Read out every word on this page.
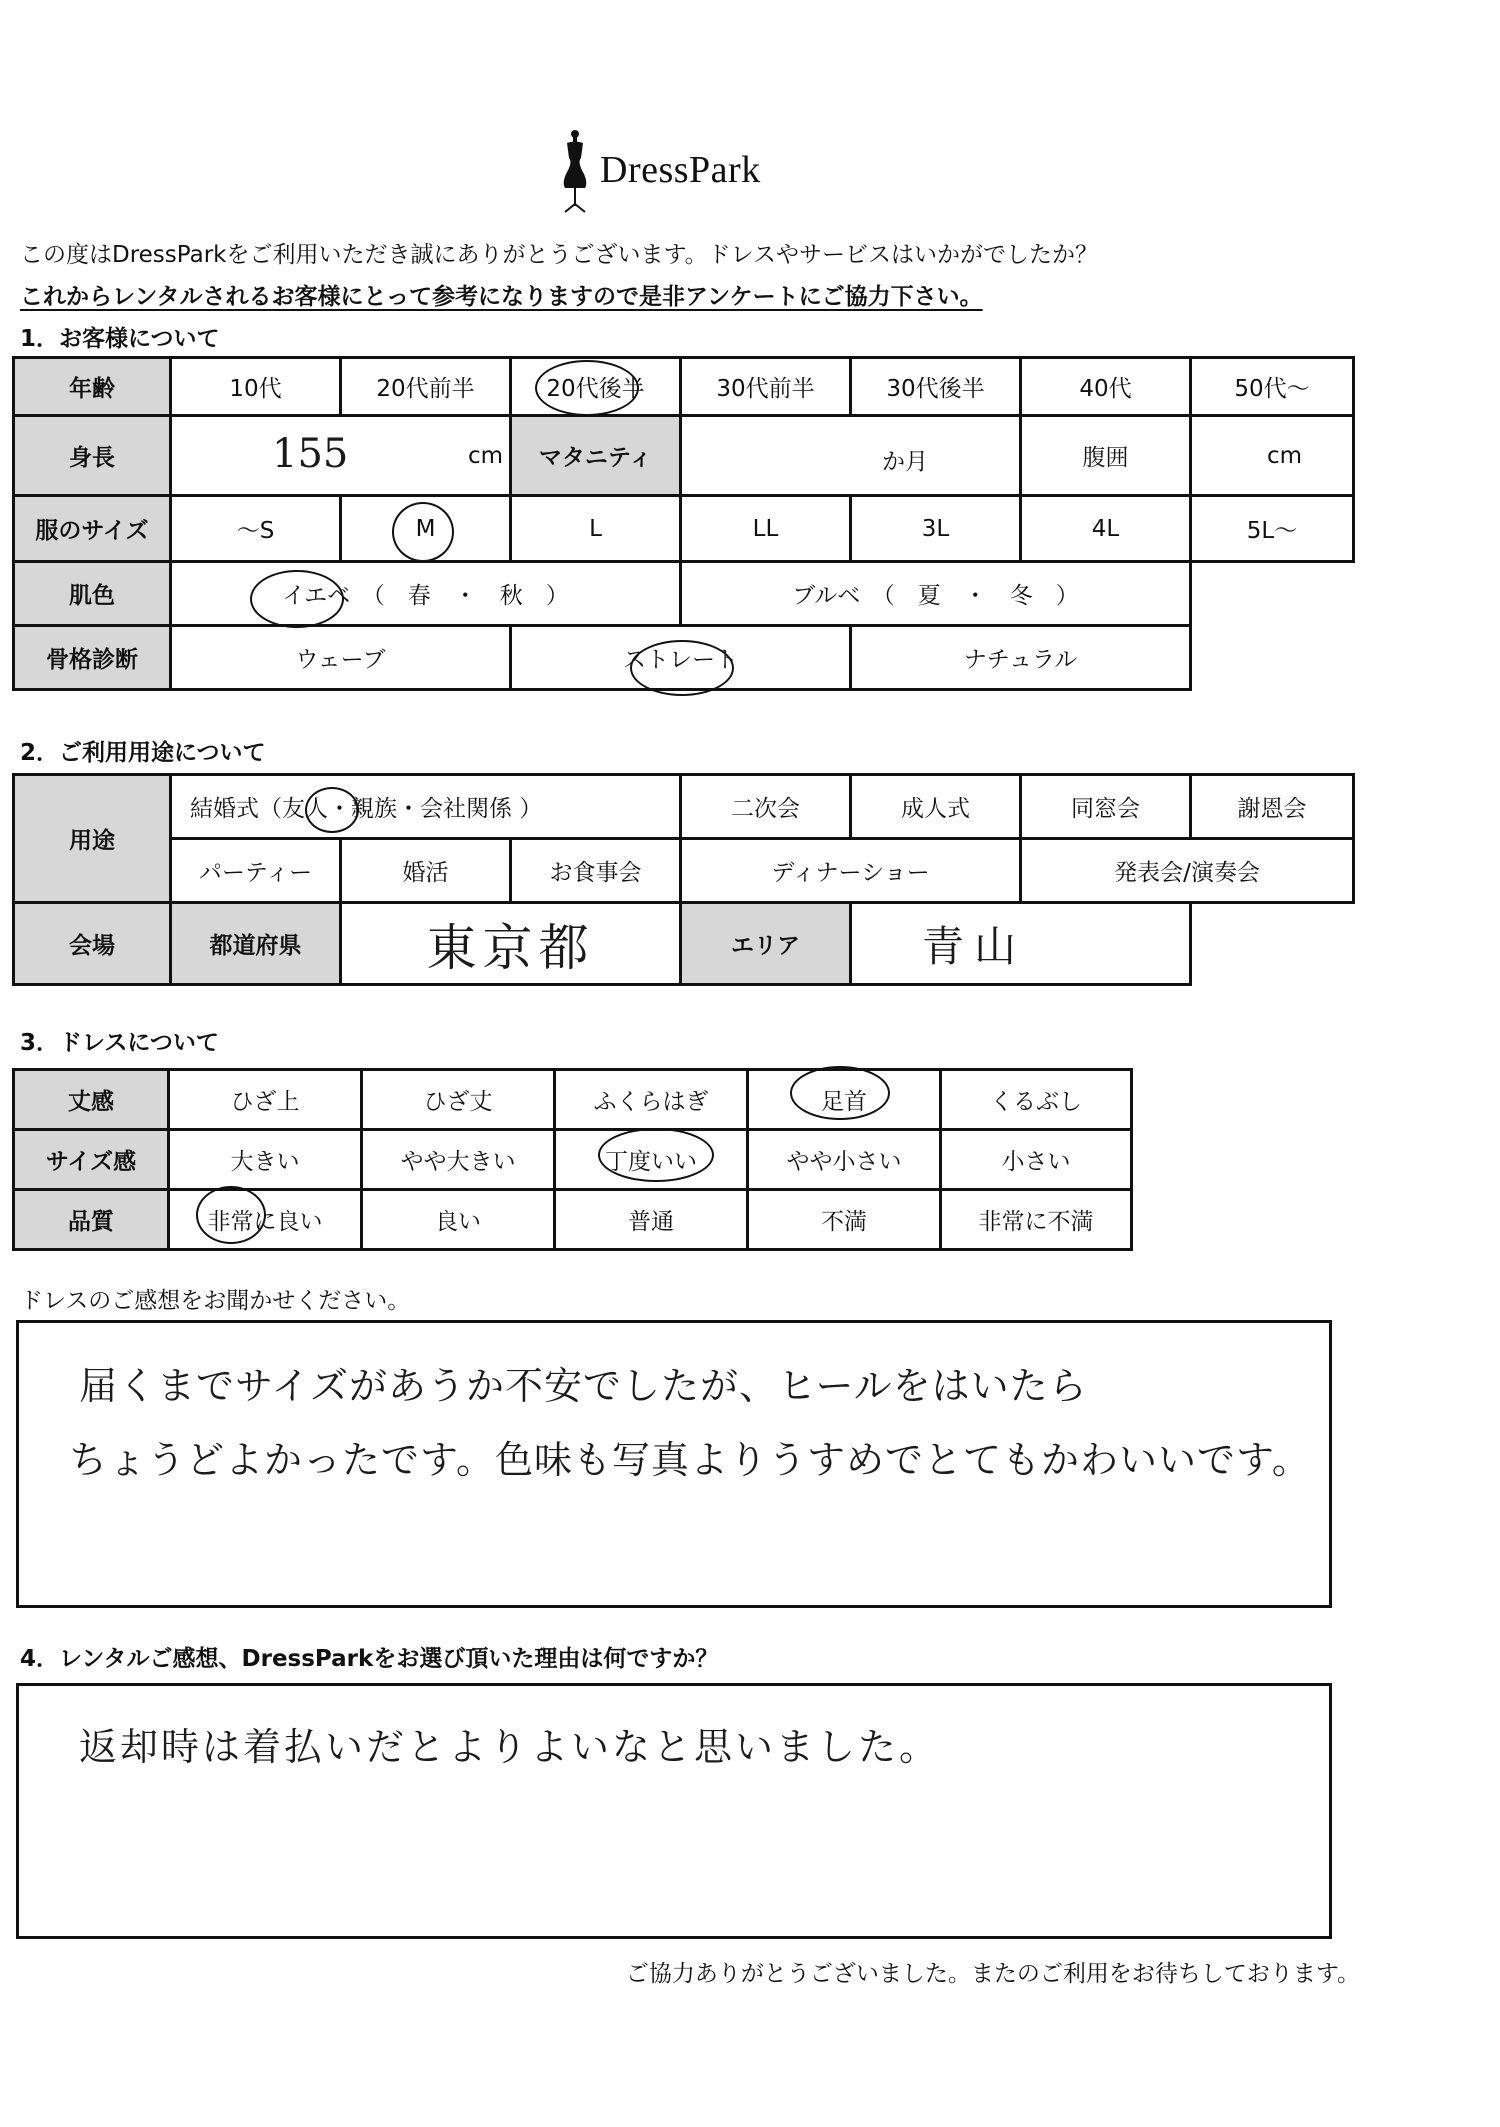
DressPark
この度はDressParkをご利用いただき誠にありがとうございます。ドレスやサービスはいかがでしたか？
これからレンタルされるお客様にとって参考になりますので是非アンケートにご協力下さい。
1．お客様について
年齢	10代	20代前半	20代後半	30代前半	30代後半	40代	50代～
身長	155 cm		マタニティ	か月		腹囲	cm
服のサイズ	～S	M	L	LL	3L	4L	5L～
肌色	イエベ　（　春　・　秋　）			ブルベ　（　夏　・　冬　）			
骨格診断	ウェーブ		ストレート		ナチュラル		
2．ご利用用途について
用途	結婚式（友人・親族・会社関係 ）			二次会	成人式	同窓会	謝恩会
	パーティー	婚活	お食事会	ディナーショー		発表会/演奏会	
会場	都道府県	東京都		エリア	青山		
3．ドレスについて
丈感	ひざ上	ひざ丈	ふくらはぎ	足首	くるぶし
サイズ感	大きい	やや大きい	丁度いい	やや小さい	小さい
品質	非常に良い	良い	普通	不満	非常に不満
ドレスのご感想をお聞かせください。
届くまでサイズがあうか不安でしたが、ヒールをはいたら
ちょうどよかったです。色味も写真よりうすめでとてもかわいいです。
4．レンタルご感想、DressParkをお選び頂いた理由は何ですか？
返却時は着払いだとよりよいなと思いました。
ご協力ありがとうございました。またのご利用をお待ちしております。
